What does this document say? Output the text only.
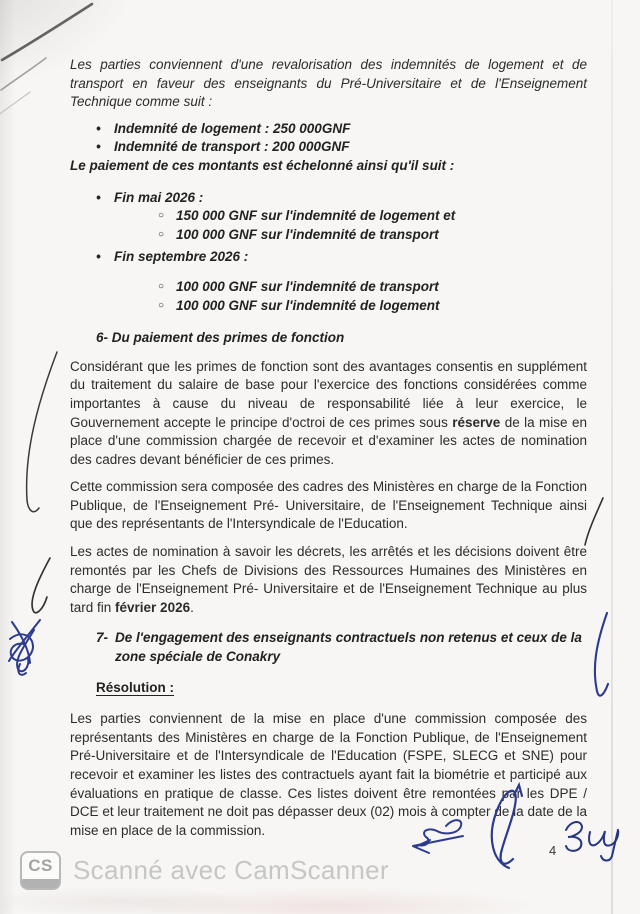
Les parties conviennent d'une revalorisation des indemnités de logement et de transport en faveur des enseignants du Pré-Universitaire et de l'Enseignement Technique comme suit :

• Indemnité de logement : 250 000GNF
• Indemnité de transport : 200 000GNF

Le paiement de ces montants est échelonné ainsi qu'il suit :

• Fin mai 2026 :
○ 150 000 GNF sur l'indemnité de logement et
○ 100 000 GNF sur l'indemnité de transport
• Fin septembre 2026 :
○ 100 000 GNF sur l'indemnité de transport
○ 100 000 GNF sur l'indemnité de logement
6- Du paiement des primes de fonction

Considérant que les primes de fonction sont des avantages consentis en supplément du traitement du salaire de base pour l'exercice des fonctions considérées comme importantes à cause du niveau de responsabilité liée à leur exercice, le Gouvernement accepte le principe d'octroi de ces primes sous réserve de la mise en place d'une commission chargée de recevoir et d'examiner les actes de nomination des cadres devant bénéficier de ces primes.

Cette commission sera composée des cadres des Ministères en charge de la Fonction Publique, de l'Enseignement Pré- Universitaire, de l'Enseignement Technique ainsi que des représentants de l'Intersyndicale de l'Education.

Les actes de nomination à savoir les décrets, les arrêtés et les décisions doivent être remontés par les Chefs de Divisions des Ressources Humaines des Ministères en charge de l'Enseignement Pré- Universitaire et de l'Enseignement Technique au plus tard fin février 2026.

7- De l'engagement des enseignants contractuels non retenus et ceux de la zone spéciale de Conakry
Résolution :

Les parties conviennent de la mise en place d'une commission composée des représentants des Ministères en charge de la Fonction Publique, de l'Enseignement Pré-Universitaire et de l'Intersyndicale de l'Education (FSPE, SLECG et SNE) pour recevoir et examiner les listes des contractuels ayant fait la biométrie et participé aux évaluations en pratique de classe. Ces listes doivent être remontées par les DPE / DCE et leur traitement ne doit pas dépasser deux (02) mois à compter de la date de la mise en place de la commission.

4
CS Scanné avec CamScanner
